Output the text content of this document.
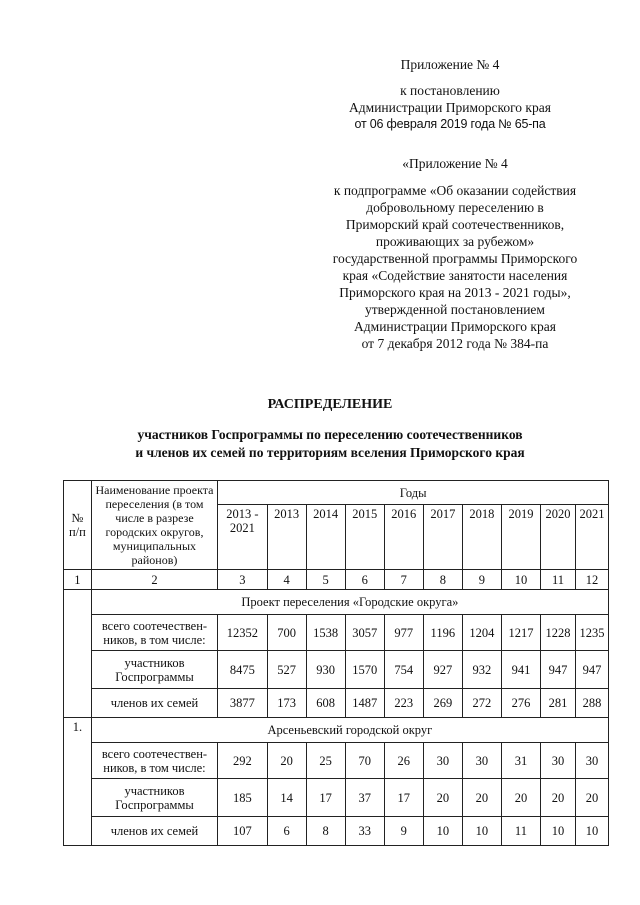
Приложение № 4
к постановлению
Администрации Приморского края
от 06 февраля 2019 года № 65-па
«Приложение № 4
к подпрограмме «Об оказании содействия
добровольному переселению в
Приморский край соотечественников,
проживающих за рубежом»
государственной программы Приморского
края «Содействие занятости населения
Приморского края на 2013 - 2021 годы»,
утвержденной постановлением
Администрации Приморского края
от 7 декабря 2012 года № 384-па
РАСПРЕДЕЛЕНИЕ
участников Госпрограммы по переселению соотечественников
и членов их семей по территориям вселения Приморского края
№ п/п	Наименование проекта переселения (в том числе в разрезе городских округов, муниципальных районов)	Годы									
		2013 - 2021	2013	2014	2015	2016	2017	2018	2019	2020	2021
1	2	3	4	5	6	7	8	9	10	11	12
	Проект переселения «Городские округа»										
	всего соотечествен-ников, в том числе:	12352	700	1538	3057	977	1196	1204	1217	1228	1235
	участников Госпрограммы	8475	527	930	1570	754	927	932	941	947	947
	членов их семей	3877	173	608	1487	223	269	272	276	281	288
1.	Арсеньевский городской округ										
	всего соотечествен-ников, в том числе:	292	20	25	70	26	30	30	31	30	30
	участников Госпрограммы	185	14	17	37	17	20	20	20	20	20
	членов их семей	107	6	8	33	9	10	10	11	10	10
